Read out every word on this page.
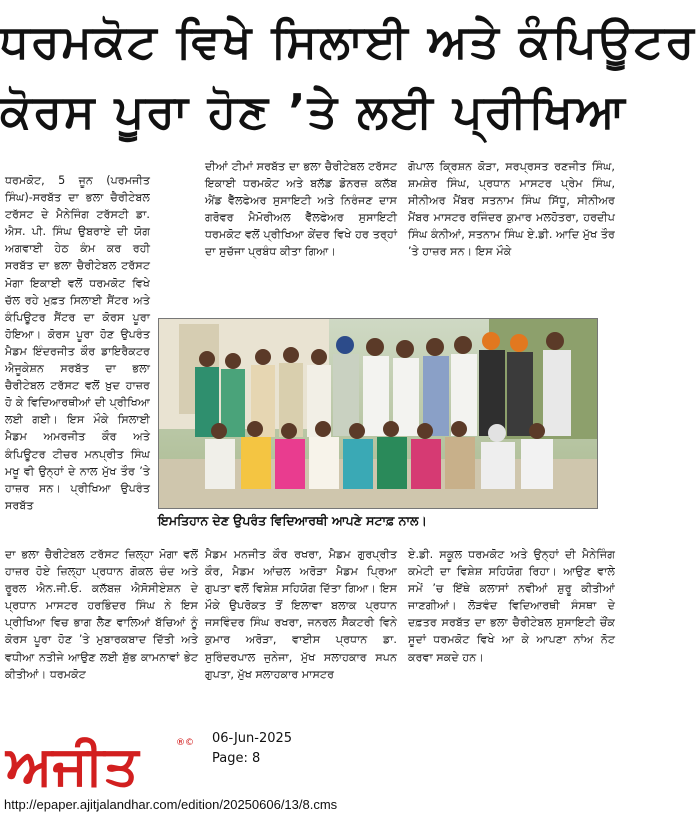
ਧਰਮਕੋਟ ਵਿਖੇ ਸਿਲਾਈ ਅਤੇ ਕੰਪਿਊਟਰ
ਕੋਰਸ ਪੂਰਾ ਹੋਣ ’ਤੇ ਲਈ ਪ੍ਰੀਖਿਆ
ਧਰਮਕੋਟ, 5 ਜੂਨ (ਪਰਮਜੀਤ ਸਿੰਘ)-ਸਰਬੱਤ ਦਾ ਭਲਾ ਚੈਰੀਟੇਬਲ ਟਰੱਸਟ ਦੇ ਮੈਨੇਜਿੰਗ ਟਰੱਸਟੀ ਡਾ. ਐਸ. ਪੀ. ਸਿੰਘ ਉਬਰਾਏ ਦੀ ਯੋਗ ਅਗਵਾਈ ਹੇਠ ਕੰਮ ਕਰ ਰਹੀ ਸਰਬੱਤ ਦਾ ਭਲਾ ਚੈਰੀਟੇਬਲ ਟਰੱਸਟ ਮੋਗਾ ਇਕਾਈ ਵਲੋਂ ਧਰਮਕੋਟ ਵਿਖੇ ਚੱਲ ਰਹੇ ਮੁਫ਼ਤ ਸਿਲਾਈ ਸੈਂਟਰ ਅਤੇ ਕੰਪਿਊਟਰ ਸੈਂਟਰ ਦਾ ਕੋਰਸ ਪੂਰਾ ਹੋਇਆ। ਕੋਰਸ ਪੂਰਾ ਹੋਣ ਉਪਰੰਤ ਮੈਡਮ ਇੰਦਰਜੀਤ ਕੌਰ ਡਾਇਰੈਕਟਰ ਐਜੂਕੇਸ਼ਨ ਸਰਬੱਤ ਦਾ ਭਲਾ ਚੈਰੀਟੇਬਲ ਟਰੱਸਟ ਵਲੋਂ ਖ਼ੁਦ ਹਾਜ਼ਰ ਹੋ ਕੇ ਵਿਦਿਆਰਥੀਆਂ ਦੀ ਪ੍ਰੀਖਿਆ ਲਈ ਗਈ। ਇਸ ਮੌਕੇ ਸਿਲਾਈ ਮੈਡਮ ਅਮਰਜੀਤ ਕੌਰ ਅਤੇ ਕੰਪਿਊਟਰ ਟੀਚਰ ਮਨਪ੍ਰੀਤ ਸਿੰਘ ਮਖੂ ਵੀ ਉਨ੍ਹਾਂ ਦੇ ਨਾਲ ਮੁੱਖ ਤੌਰ ’ਤੇ ਹਾਜ਼ਰ ਸਨ। ਪ੍ਰੀਖਿਆ ਉਪਰੰਤ ਸਰਬੱਤ
ਦੀਆਂ ਟੀਮਾਂ ਸਰਬੱਤ ਦਾ ਭਲਾ ਚੈਰੀਟੇਬਲ ਟਰੱਸਟ ਇਕਾਈ ਧਰਮਕੋਟ ਅਤੇ ਬਲੱਡ ਡੋਨਰਜ਼ ਕਲੱਬ ਐਂਡ ਵੈੱਲਫੇਅਰ ਸੁਸਾਇਟੀ ਅਤੇ ਨਿਰੰਜਣ ਦਾਸ ਗਰੋਵਰ ਮੈਮੋਰੀਅਲ ਵੈੱਲਫੇਅਰ ਸੁਸਾਇਟੀ ਧਰਮਕੋਟ ਵਲੋਂ ਪ੍ਰੀਖਿਆ ਕੇਂਦਰ ਵਿਖੇ ਹਰ ਤਰ੍ਹਾਂ ਦਾ ਸੁਚੱਜਾ ਪ੍ਰਬੰਧ ਕੀਤਾ ਗਿਆ।
ਗੋਪਾਲ ਕ੍ਰਿਸ਼ਨ ਕੋੜਾ, ਸਰਪ੍ਰਸਤ ਰਣਜੀਤ ਸਿੰਘ, ਸ਼ਮਸ਼ੇਰ ਸਿੰਘ, ਪ੍ਰਧਾਨ ਮਾਸਟਰ ਪ੍ਰੇਮ ਸਿੰਘ, ਸੀਨੀਅਰ ਮੈਂਬਰ ਸਤਨਾਮ ਸਿੰਘ ਸਿੱਧੂ, ਸੀਨੀਅਰ ਮੈਂਬਰ ਮਾਸਟਰ ਰਜਿੰਦਰ ਕੁਮਾਰ ਮਲਹੋਤਰਾ, ਹਰਦੀਪ ਸਿੰਘ ਕੰਨੀਆਂ, ਸਤਨਾਮ ਸਿੰਘ ਏ.ਡੀ. ਆਦਿ ਮੁੱਖ ਤੌਰ ’ਤੇ ਹਾਜ਼ਰ ਸਨ। ਇਸ ਮੌਕੇ
ਇਮਤਿਹਾਨ ਦੇਣ ਉਪਰੰਤ ਵਿਦਿਆਰਥੀ ਆਪਣੇ ਸਟਾਫ਼ ਨਾਲ।
ਦਾ ਭਲਾ ਚੈਰੀਟੇਬਲ ਟਰੱਸਟ ਜ਼ਿਲ੍ਹਾ ਮੋਗਾ ਵਲੋਂ ਹਾਜ਼ਰ ਹੋਏ ਜ਼ਿਲ੍ਹਾ ਪ੍ਰਧਾਨ ਗੋਕਲ ਚੰਦ ਅਤੇ ਰੂਰਲ ਐਨ.ਜੀ.ਓ. ਕਲੱਬਜ਼ ਐਸੋਸੀਏਸ਼ਨ ਦੇ ਪ੍ਰਧਾਨ ਮਾਸਟਰ ਹਰਭਿੰਦਰ ਸਿੰਘ ਨੇ ਇਸ ਪ੍ਰੀਖਿਆ ਵਿਚ ਭਾਗ ਲੈਣ ਵਾਲਿਆਂ ਬੱਚਿਆਂ ਨੂੰ ਕੋਰਸ ਪੂਰਾ ਹੋਣ ’ਤੇ ਮੁਬਾਰਕਬਾਦ ਦਿੱਤੀ ਅਤੇ ਵਧੀਆ ਨਤੀਜੇ ਆਉਣ ਲਈ ਸ਼ੁੱਭ ਕਾਮਨਾਵਾਂ ਭੇਟ ਕੀਤੀਆਂ। ਧਰਮਕੋਟ
ਮੈਡਮ ਮਨਜੀਤ ਕੌਰ ਰਖਰਾ, ਮੈਡਮ ਗੁਰਪ੍ਰੀਤ ਕੌਰ, ਮੈਡਮ ਆਂਚਲ ਅਰੋੜਾ ਮੈਡਮ ਪ੍ਰਿਆ ਗੁਪਤਾ ਵਲੋਂ ਵਿਸ਼ੇਸ਼ ਸਹਿਯੋਗ ਦਿੱਤਾ ਗਿਆ। ਇਸ ਮੌਕੇ ਉਪਰੋਕਤ ਤੋਂ ਇਲਾਵਾ ਬਲਾਕ ਪ੍ਰਧਾਨ ਜਸਵਿੰਦਰ ਸਿੰਘ ਰਖਰਾ, ਜਨਰਲ ਸੈਕਟਰੀ ਵਿਨੇ ਕੁਮਾਰ ਅਰੋੜਾ, ਵਾਈਸ ਪ੍ਰਧਾਨ ਡਾ. ਸੁਰਿੰਦਰਪਾਲ ਜੁਨੇਜਾ, ਮੁੱਖ ਸਲਾਹਕਾਰ ਸਪਨ ਗੁਪਤਾ, ਮੁੱਖ ਸਲਾਹਕਾਰ ਮਾਸਟਰ
ਏ.ਡੀ. ਸਕੂਲ ਧਰਮਕੋਟ ਅਤੇ ਉਨ੍ਹਾਂ ਦੀ ਮੈਨੇਜਿੰਗ ਕਮੇਟੀ ਦਾ ਵਿਸ਼ੇਸ਼ ਸਹਿਯੋਗ ਰਿਹਾ। ਆਉਣ ਵਾਲੇ ਸਮੇਂ ’ਚ ਇੱਥੇ ਕਲਾਸਾਂ ਨਵੀਆਂ ਸ਼ੁਰੂ ਕੀਤੀਆਂ ਜਾਣਗੀਆਂ। ਲੋੜਵੰਦ ਵਿਦਿਆਰਥੀ ਸੰਸਥਾ ਦੇ ਦਫ਼ਤਰ ਸਰਬੱਤ ਦਾ ਭਲਾ ਚੈਰੀਟੇਬਲ ਸੁਸਾਇਟੀ ਚੌਂਕ ਸੂਦਾਂ ਧਰਮਕੋਟ ਵਿਖੇ ਆ ਕੇ ਆਪਣਾ ਨਾਂਅ ਨੋਟ ਕਰਵਾ ਸਕਦੇ ਹਨ।
ਅਜੀਤ	®© 06-Jun-2025
Page: 8
http://epaper.ajitjalandhar.com/edition/20250606/13/8.cms
